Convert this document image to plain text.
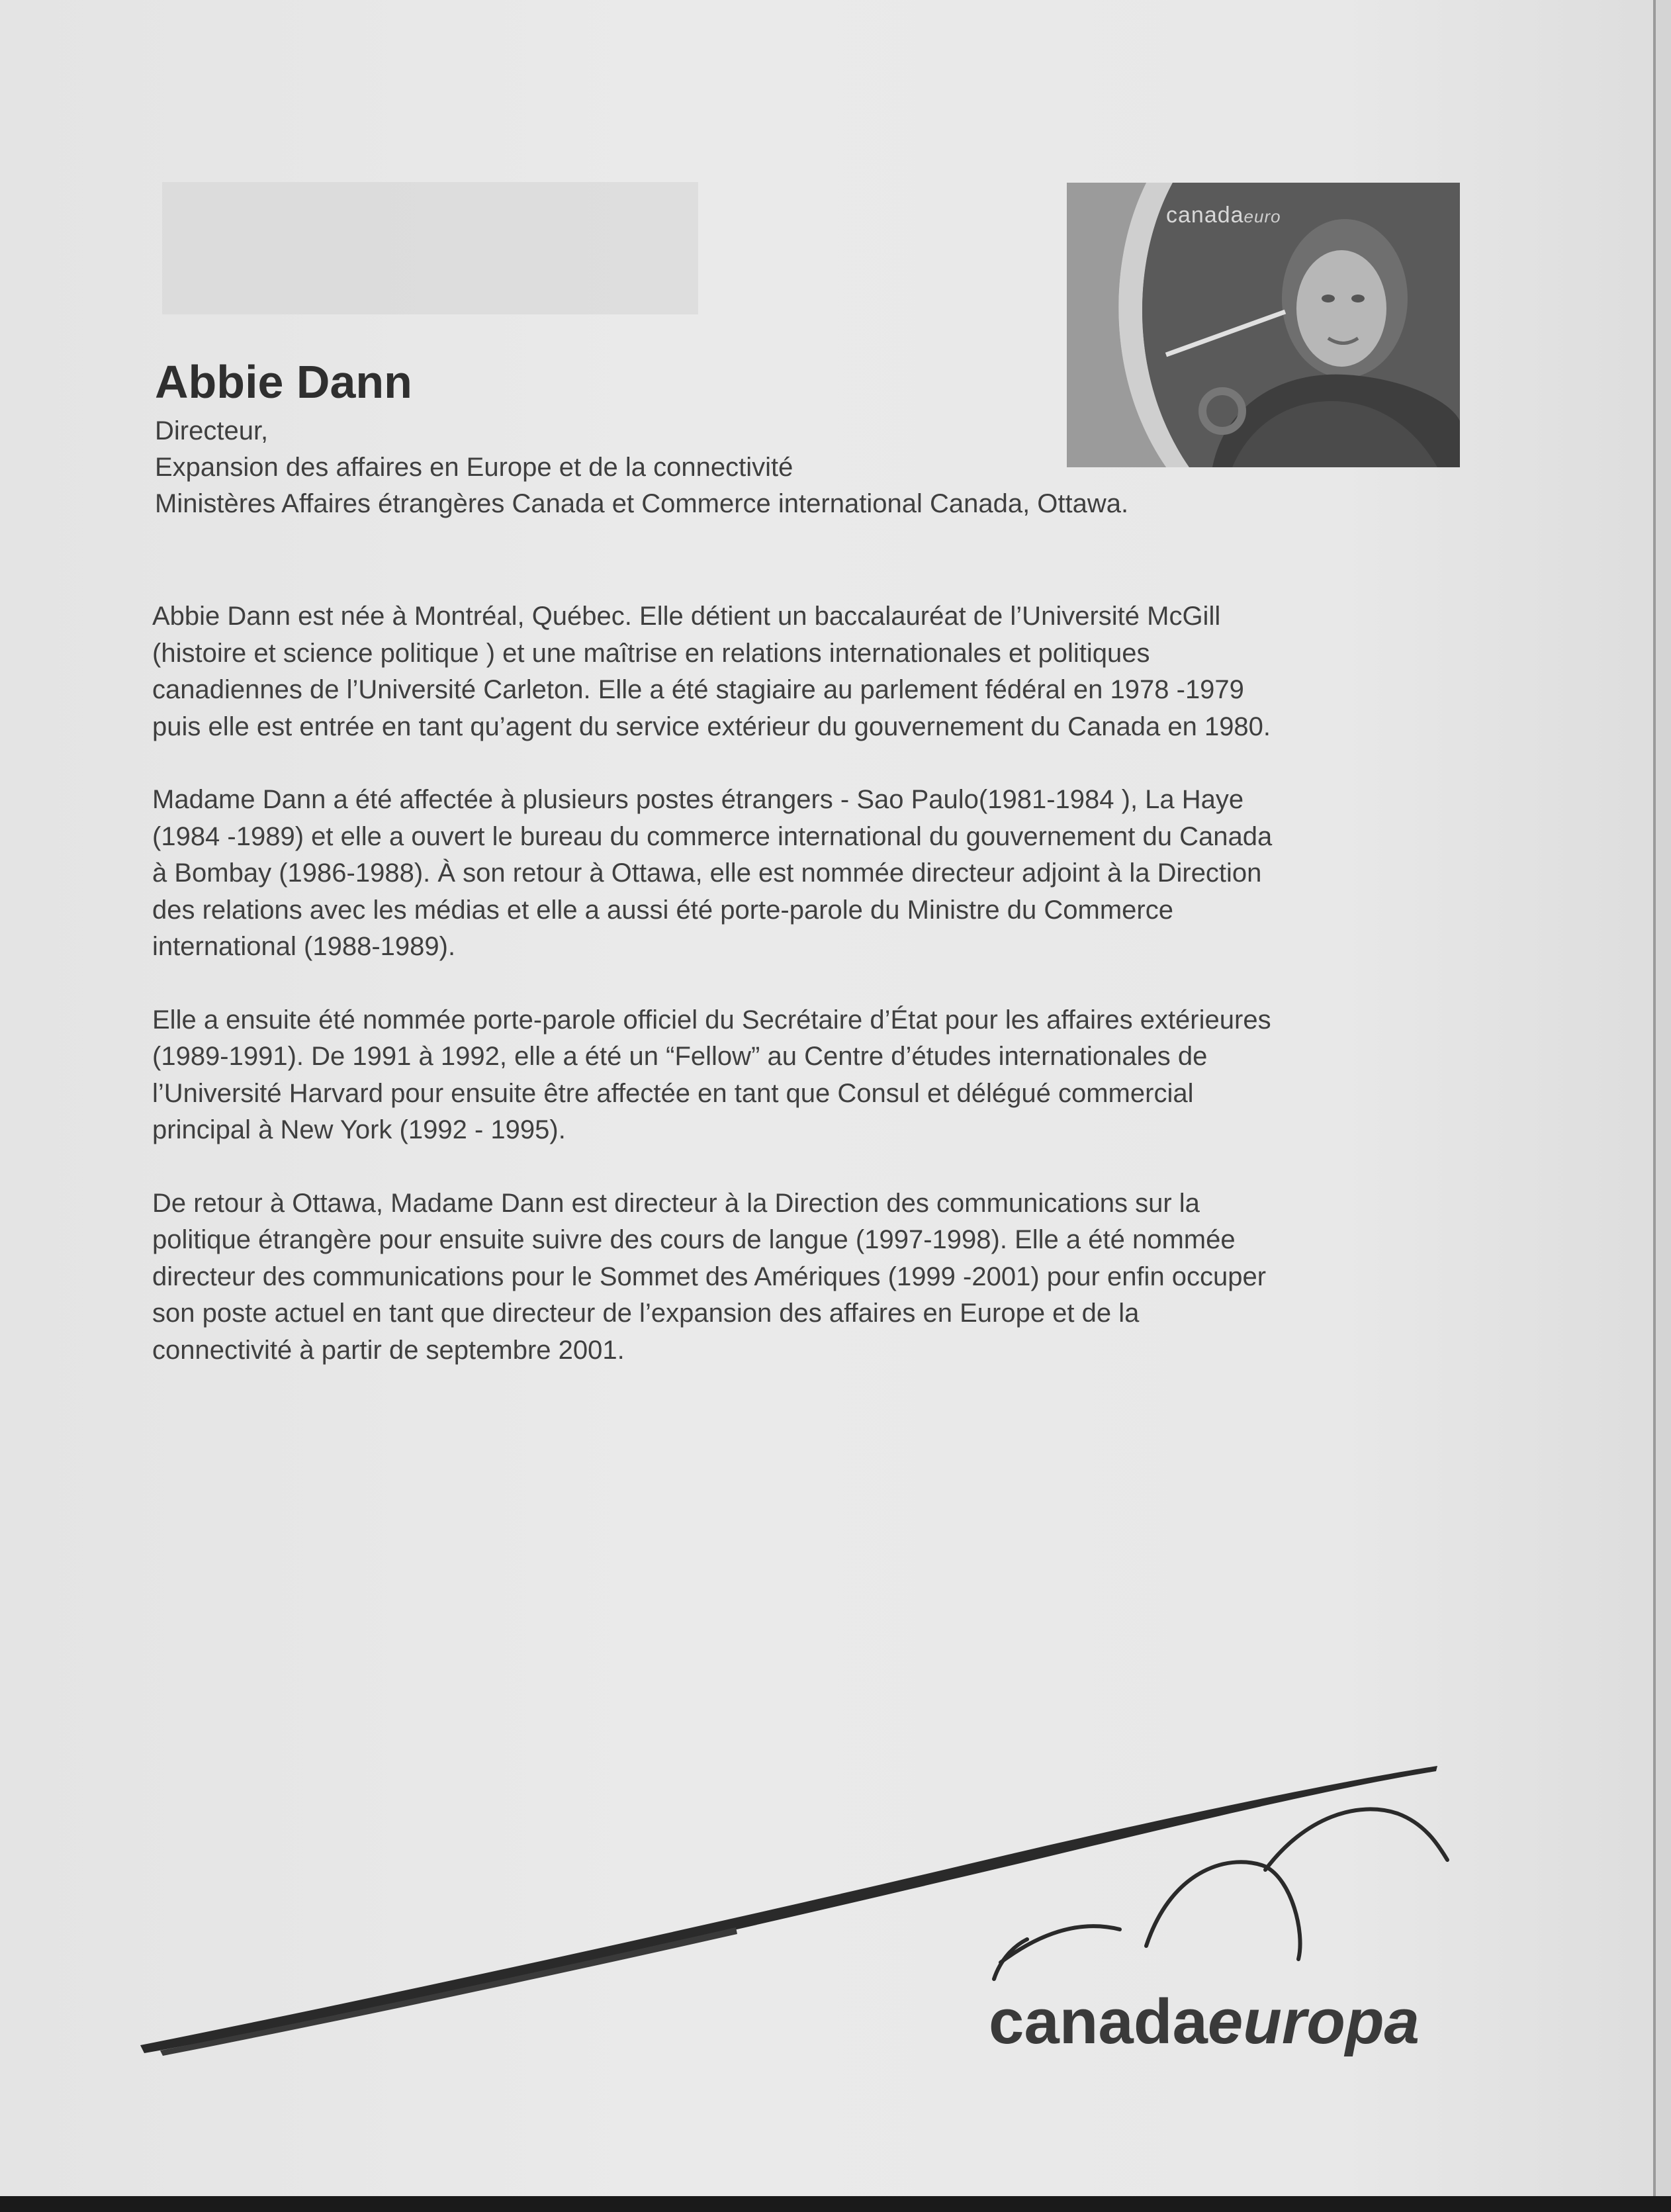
canadaeuro
Abbie Dann
Directeur,
Expansion des affaires en Europe et de la connectivité
Ministères Affaires étrangères Canada et Commerce international Canada, Ottawa.

Abbie Dann est née à Montréal, Québec. Elle détient un baccalauréat de l’Université McGill
(histoire et science politique ) et une maîtrise en relations internationales et politiques
canadiennes de l’Université Carleton. Elle a été stagiaire au parlement fédéral en 1978 -1979
puis elle est entrée en tant qu’agent du service extérieur du gouvernement du Canada en 1980.

Madame Dann a été affectée à plusieurs postes étrangers - Sao Paulo(1981-1984 ), La Haye
(1984 -1989) et elle a ouvert le bureau du commerce international du gouvernement du Canada
à Bombay (1986-1988). À son retour à Ottawa, elle est nommée directeur adjoint à la Direction
des relations avec les médias et elle a aussi été porte-parole du Ministre du Commerce
international (1988-1989).

Elle a ensuite été nommée porte-parole officiel du Secrétaire d’État pour les affaires extérieures
(1989-1991). De 1991 à 1992, elle a été un “Fellow” au Centre d’études internationales de
l’Université Harvard pour ensuite être affectée en tant que Consul et délégué commercial
principal à New York (1992 - 1995).

De retour à Ottawa, Madame Dann est directeur à la Direction des communications sur la
politique étrangère pour ensuite suivre des cours de langue (1997-1998). Elle a été nommée
directeur des communications pour le Sommet des Amériques (1999 -2001) pour enfin occuper
son poste actuel en tant que directeur de l’expansion des affaires en Europe et de la
connectivité à partir de septembre 2001.

canadaeuropa
